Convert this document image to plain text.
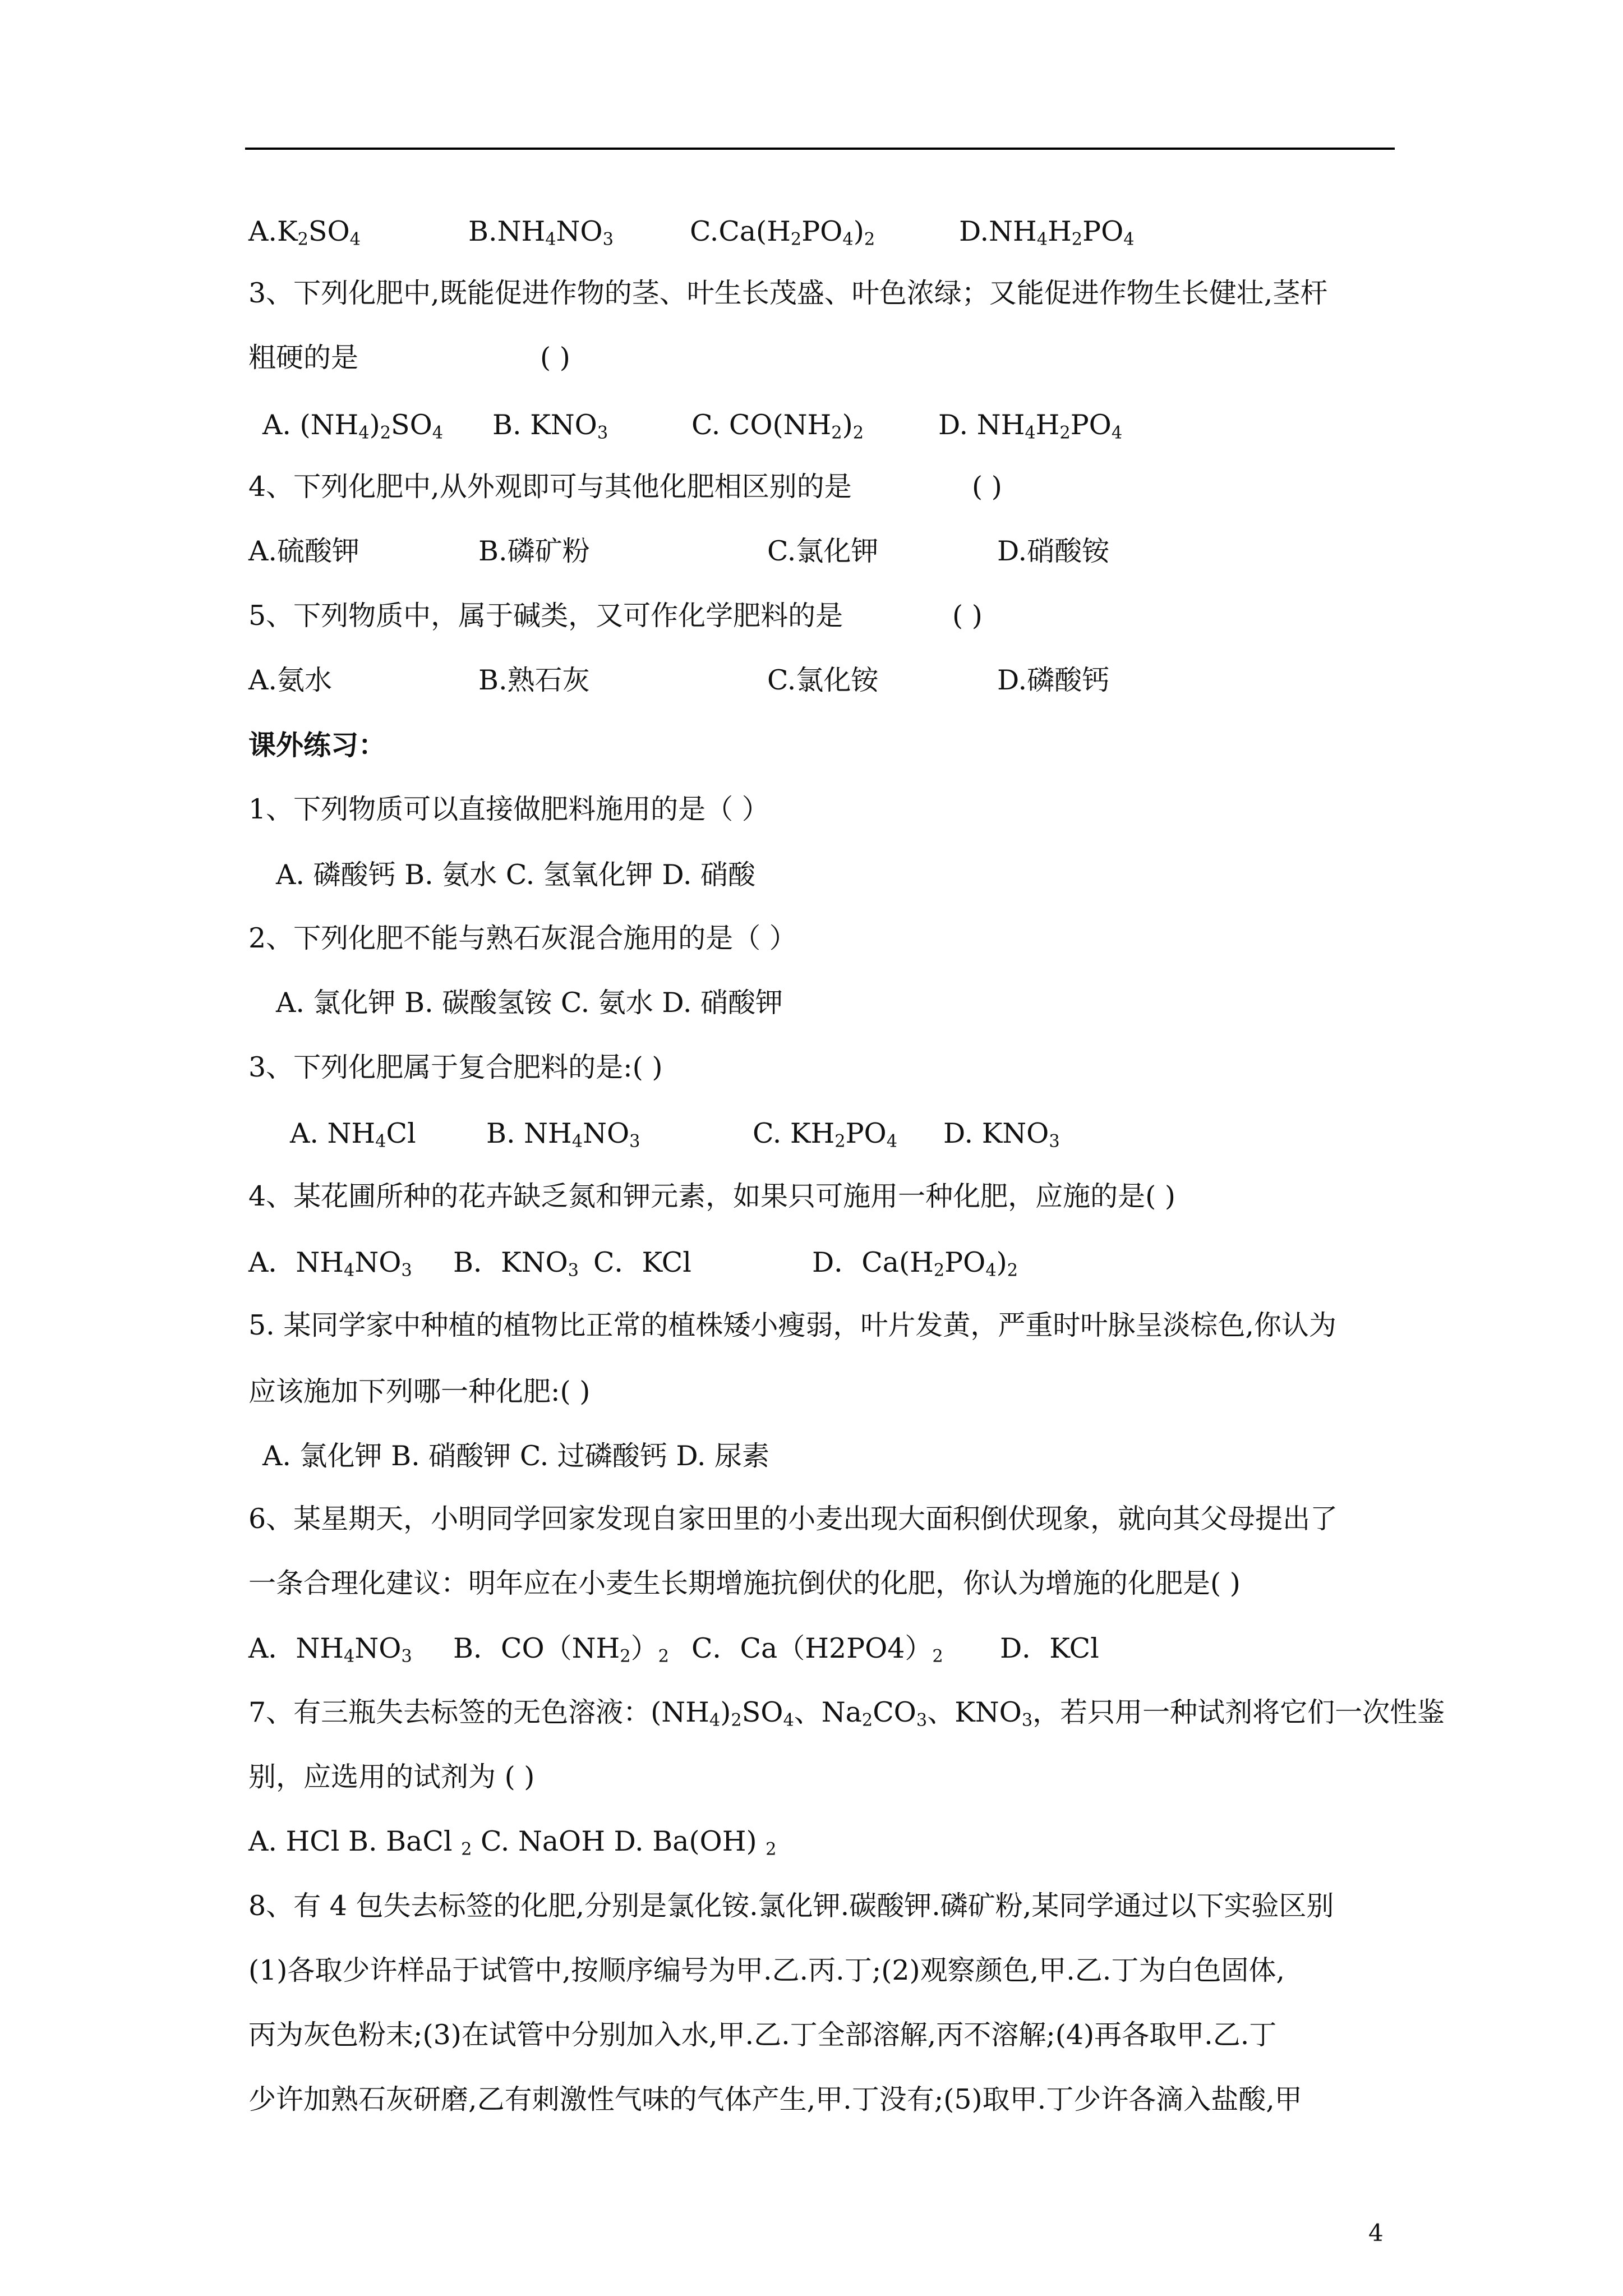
$A.K_2SO_4$	$B.NH_4NO_3$	$C.Ca(H_2PO_4)_2$	$D.NH_4H_2PO_4$
3、下列化肥中,既能促进作物的茎、叶生长茂盛、叶色浓绿；又能促进作物生长健壮,茎杆
粗硬的是	( )
A. $(NH_4)_2SO_4$ B. $KNO_3$	C. $CO(NH_2)_2$	D. $NH_4H_2PO_4$
4、下列化肥中,从外观即可与其他化肥相区别的是	( )
A.硫酸钾	B.磷矿粉	C.氯化钾	D.硝酸铵
5、下列物质中，属于碱类，又可作化学肥料的是	( )
A.氨水	B.熟石灰	C.氯化铵	D.磷酸钙
课外练习：
1、下列物质可以直接做肥料施用的是（ ）
A. 磷酸钙 B. 氨水 C. 氢氧化钾 D. 硝酸
2、下列化肥不能与熟石灰混合施用的是（ ）
A. 氯化钾 B. 碳酸氢铵 C. 氨水 D. 硝酸钾
3、下列化肥属于复合肥料的是:( )
A. $NH_4Cl$	B. $NH_4NO_3$	C. $KH_2PO_4$ D. $KNO_3$
4、某花圃所种的花卉缺乏氮和钾元素，如果只可施用一种化肥，应施的是( )
A．$NH_4NO_3$ B．$KNO_3$ C．KCl	D．$Ca(H_2PO_4)_2$
5. 某同学家中种植的植物比正常的植株矮小瘦弱，叶片发黄，严重时叶脉呈淡棕色,你认为
应该施加下列哪一种化肥:( )
A. 氯化钾 B. 硝酸钾 C. 过磷酸钙 D. 尿素
6、某星期天，小明同学回家发现自家田里的小麦出现大面积倒伏现象，就向其父母提出了
一条合理化建议：明年应在小麦生长期增施抗倒伏的化肥，你认为增施的化肥是( )
A．$NH_4NO_3$ B．$CO(NH_2)_2$ C．$Ca(H2PO4)_2$ D．KCl
7、有三瓶失去标签的无色溶液：$(NH_4)_2SO_4$、$Na_2CO_3$、$KNO_3$，若只用一种试剂将它们一次性鉴
别，应选用的试剂为 ( )
A. HCl B. BaCl $_2$ C. NaOH D. Ba(OH) $_2$
8、有 4 包失去标签的化肥,分别是氯化铵.氯化钾.碳酸钾.磷矿粉,某同学通过以下实验区别
(1)各取少许样品于试管中,按顺序编号为甲.乙.丙.丁;(2)观察颜色,甲.乙.丁为白色固体,
丙为灰色粉末;(3)在试管中分别加入水,甲.乙.丁全部溶解,丙不溶解;(4)再各取甲.乙.丁
少许加熟石灰研磨,乙有刺激性气味的气体产生,甲.丁没有;(5)取甲.丁少许各滴入盐酸,甲
4
